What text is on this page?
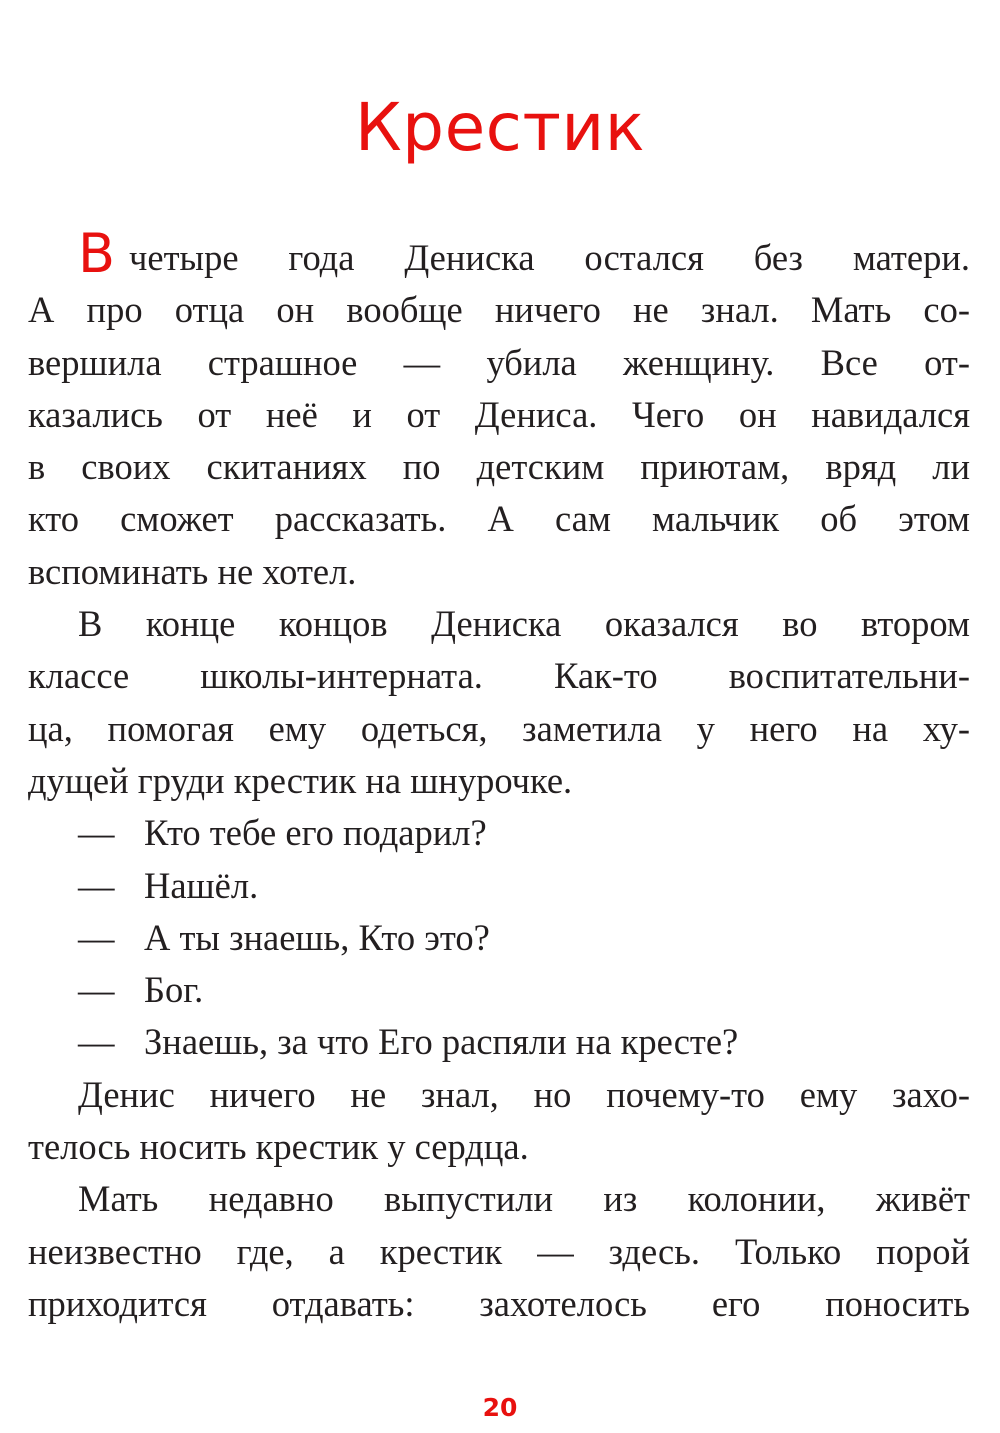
Крестик
В четыре года Дениска остался без матери.
А про отца он вообще ничего не знал. Мать со-
вершила страшное — убила женщину. Все от-
казались от неё и от Дениса. Чего он навидался
в своих скитаниях по детским приютам, вряд ли
кто сможет рассказать. А сам мальчик об этом
вспоминать не хотел.
В конце концов Дениска оказался во втором
классе школы-интерната. Как-то воспитательни-
ца, помогая ему одеться, заметила у него на ху-
дущей груди крестик на шнурочке.
— Кто тебе его подарил?
— Нашёл.
— А ты знаешь, Кто это?
— Бог.
— Знаешь, за что Его распяли на кресте?
Денис ничего не знал, но почему-то ему захо-
телось носить крестик у сердца.
Мать недавно выпустили из колонии, живёт
неизвестно где, а крестик — здесь. Только порой
приходится отдавать: захотелось его поносить
20
